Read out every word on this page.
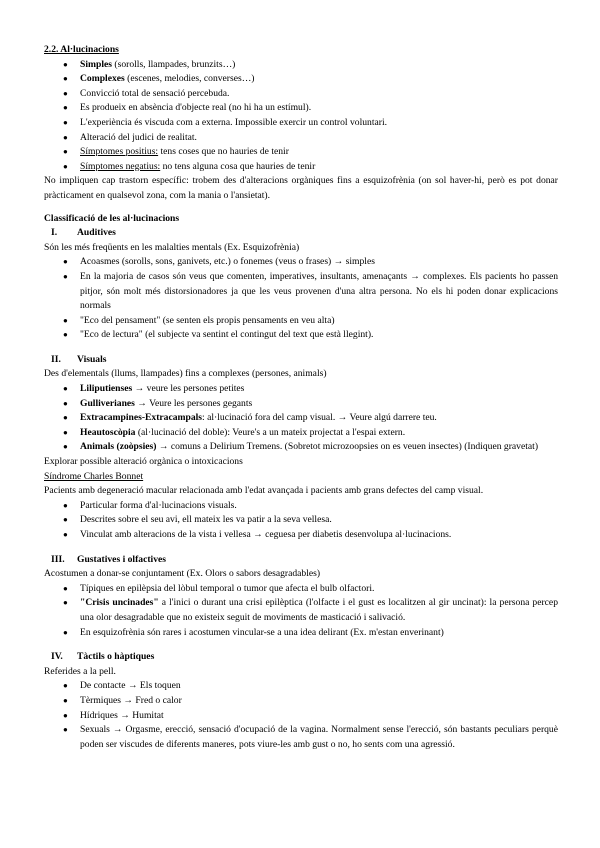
2.2. Al·lucinacions
● Simples (sorolls, llampades, brunzits…)
● Complexes (escenes, melodies, converses…)
● Convicció total de sensació percebuda.
● Es produeix en absència d'objecte real (no hi ha un estímul).
● L'experiència és viscuda com a externa. Impossible exercir un control voluntari.
● Alteració del judici de realitat.
● Símptomes positius: tens coses que no hauries de tenir
● Símptomes negatius: no tens alguna cosa que hauries de tenir

No impliquen cap trastorn específic: trobem des d'alteracions orgàniques fins a esquizofrènia (on sol haver-hi, però es pot donar pràcticament en qualsevol zona, com la mania o l'ansietat).

Classificació de les al·lucinacions
I.	Auditives

Són les més freqüents en les malalties mentals (Ex. Esquizofrènia)

● Acoasmes (sorolls, sons, ganivets, etc.) o fonemes (veus o frases) → simples
● En la majoria de casos són veus que comenten, imperatives, insultants, amenaçants → complexes. Els pacients ho passen pitjor, són molt més distorsionadores ja que les veus provenen d'una altra persona. No els hi poden donar explicacions normals
● "Eco del pensament" (se senten els propis pensaments en veu alta)
● "Eco de lectura" (el subjecte va sentint el contingut del text que està llegint).
II.	Visuals

Des d'elementals (llums, llampades) fins a complexes (persones, animals)

● Liliputienses → veure les persones petites
● Gulliverianes → Veure les persones gegants
● Extracampines-Extracampals: al·lucinació fora del camp visual. → Veure algú darrere teu.
● Heautoscòpia (al·lucinació del doble): Veure's a un mateix projectat a l'espai extern.
● Animals (zoòpsies) → comuns a Delirium Tremens. (Sobretot microzoopsies on es veuen insectes) (Indiquen gravetat)

Explorar possible alteració orgànica o intoxicacions

Síndrome Charles Bonnet

Pacients amb degeneració macular relacionada amb l'edat avançada i pacients amb grans defectes del camp visual.

● Particular forma d'al·lucinacions visuals.
● Descrites sobre el seu avi, ell mateix les va patir a la seva vellesa.
● Vinculat amb alteracions de la vista i vellesa → ceguesa per diabetis desenvolupa al·lucinacions.
III.	Gustatives i olfactives

Acostumen a donar-se conjuntament (Ex. Olors o sabors desagradables)

● Típiques en epilèpsia del lòbul temporal o tumor que afecta el bulb olfactori.
● "Crisis uncinades" a l'inici o durant una crisi epilèptica (l'olfacte i el gust es localitzen al gir uncinat): la persona percep una olor desagradable que no existeix seguit de moviments de masticació i salivació.
● En esquizofrènia són rares i acostumen vincular-se a una idea delirant (Ex. m'estan enverinant)
IV.	Tàctils o hàptiques

Referides a la pell.

● De contacte → Els toquen
● Tèrmiques → Fred o calor
● Hídriques → Humitat
● Sexuals → Orgasme, erecció, sensació d'ocupació de la vagina. Normalment sense l'erecció, són bastants peculiars perquè poden ser viscudes de diferents maneres, pots viure-les amb gust o no, ho sents com una agressió.
